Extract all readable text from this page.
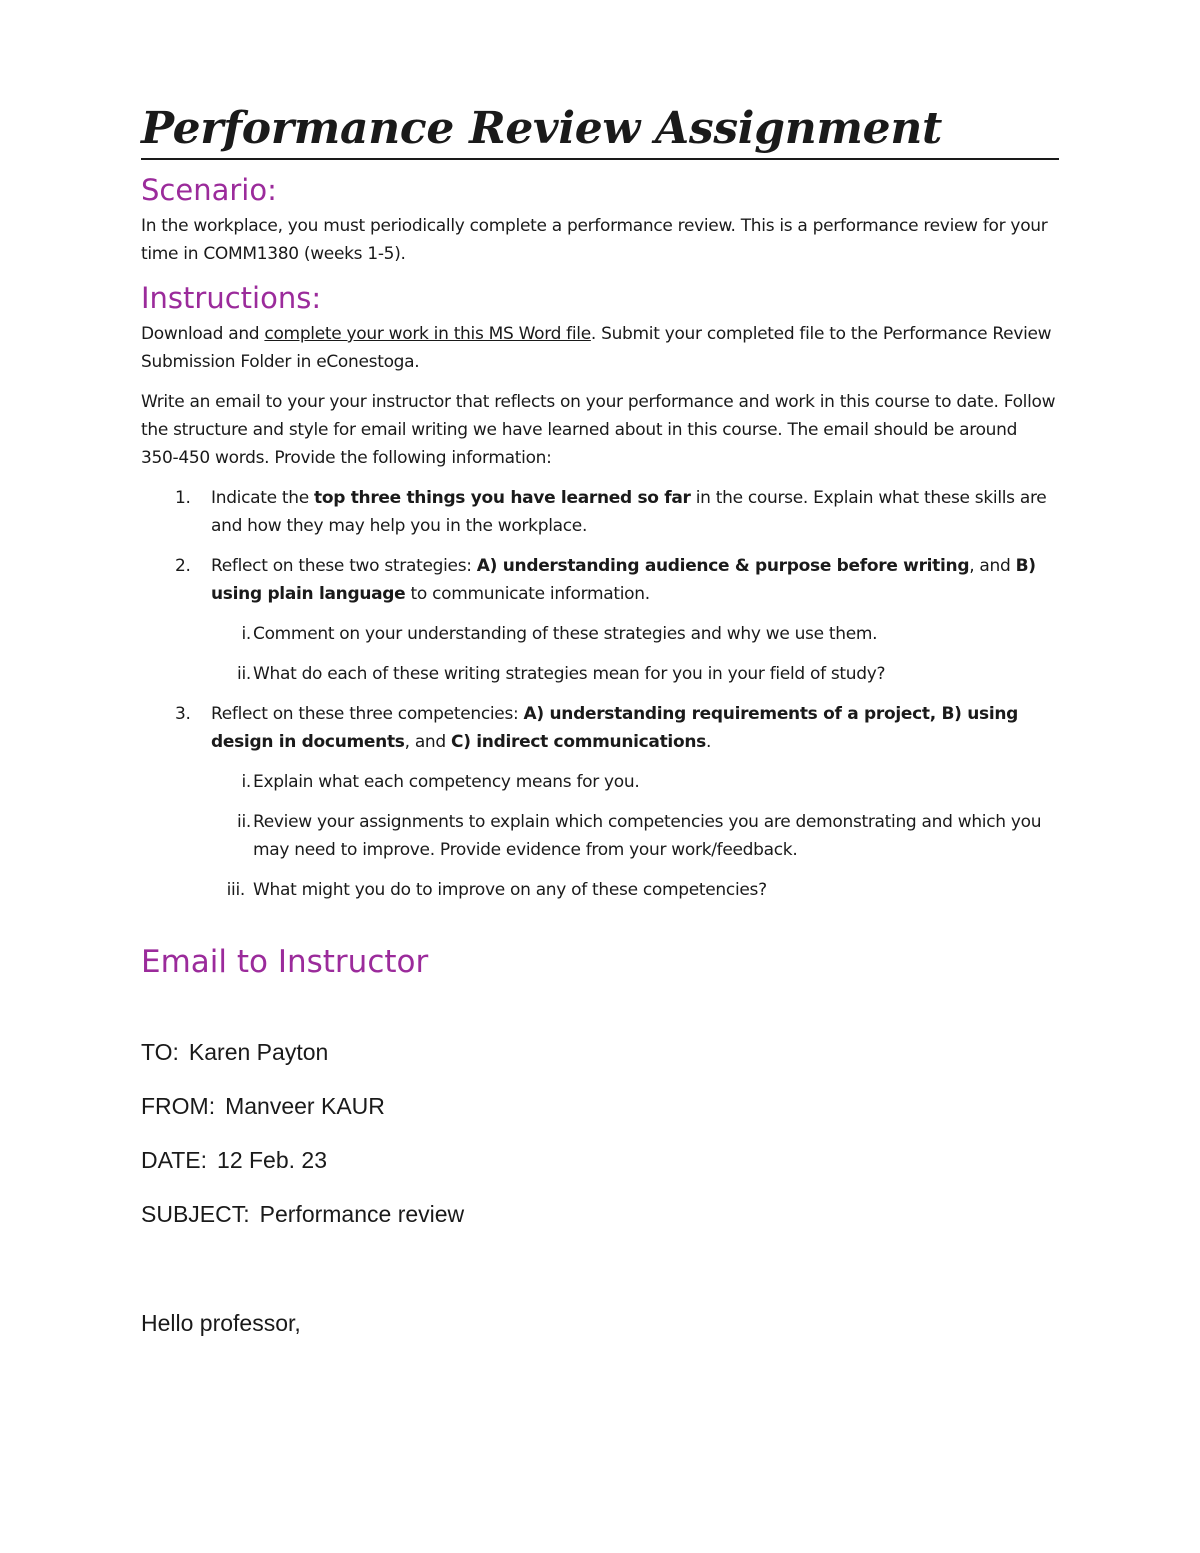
Performance Review Assignment
Scenario:

In the workplace, you must periodically complete a performance review. This is a performance review for your time in COMM1380 (weeks 1-5).

Instructions:

Download and complete your work in this MS Word file. Submit your completed file to the Performance Review Submission Folder in eConestoga.

Write an email to your your instructor that reflects on your performance and work in this course to date. Follow the structure and style for email writing we have learned about in this course. The email should be around 350-450 words. Provide the following information:

1. Indicate the top three things you have learned so far in the course. Explain what these skills are and how they may help you in the workplace.
2. Reflect on these two strategies: A) understanding audience & purpose before writing, and B) using plain language to communicate information.
i. Comment on your understanding of these strategies and why we use them.
ii. What do each of these writing strategies mean for you in your field of study?
3. Reflect on these three competencies: A) understanding requirements of a project, B) using design in documents, and C) indirect communications.
i. Explain what each competency means for you.
ii. Review your assignments to explain which competencies you are demonstrating and which you may need to improve. Provide evidence from your work/feedback.
iii. What might you do to improve on any of these competencies?
Email to Instructor
TO: Karen Payton
FROM: Manveer KAUR
DATE: 12 Feb. 23
SUBJECT: Performance review
Hello professor,
